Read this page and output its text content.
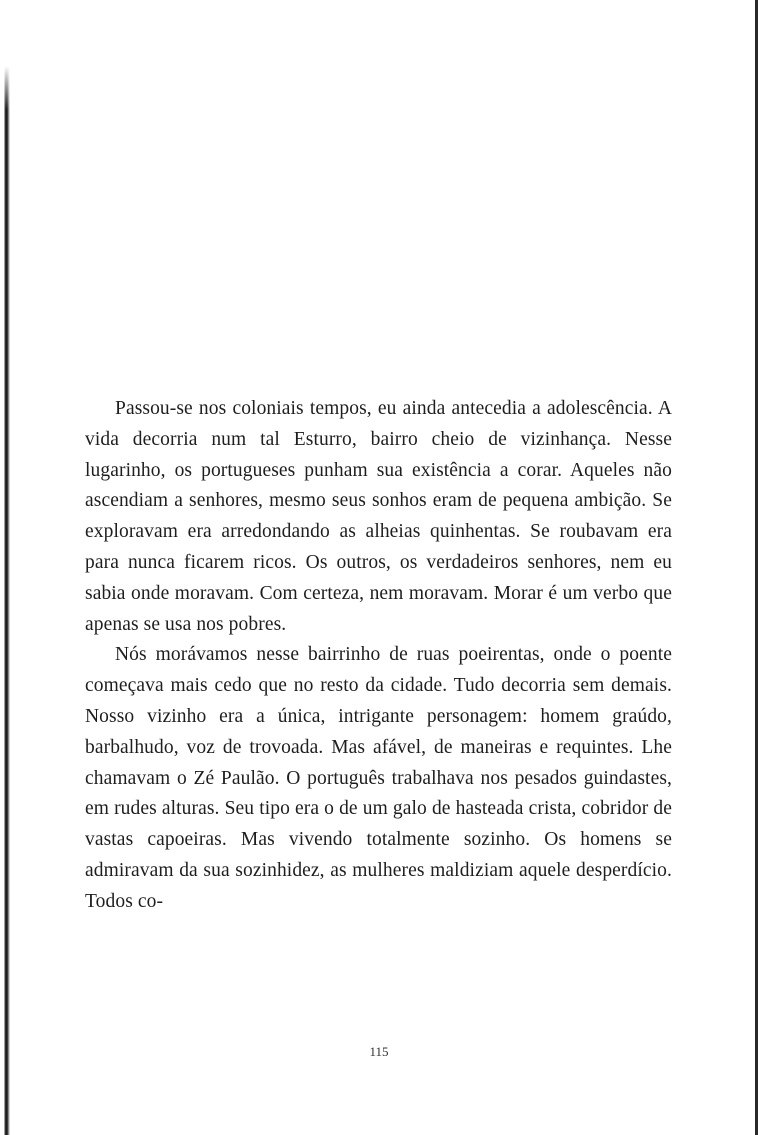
Passou-se nos coloniais tempos, eu ainda antecedia a adolescência. A vida decorria num tal Esturro, bairro cheio de vizinhança. Nesse lugarinho, os portugueses punham sua existência a corar. Aqueles não ascendiam a senhores, mesmo seus sonhos eram de pequena ambição. Se exploravam era arredondando as alheias quinhentas. Se roubavam era para nunca ficarem ricos. Os outros, os verdadeiros senhores, nem eu sabia onde moravam. Com certeza, nem moravam. Morar é um verbo que apenas se usa nos pobres.

Nós morávamos nesse bairrinho de ruas poeirentas, onde o poente começava mais cedo que no resto da cidade. Tudo decorria sem demais. Nosso vizinho era a única, intrigante personagem: homem graúdo, barbalhudo, voz de trovoada. Mas afável, de maneiras e requintes. Lhe chamavam o Zé Paulão. O português trabalhava nos pesados guindastes, em rudes alturas. Seu tipo era o de um galo de hasteada crista, cobridor de vastas capoeiras. Mas vivendo totalmente sozinho. Os homens se admiravam da sua sozinhidez, as mulheres maldiziam aquele desperdício. Todos co-

115
